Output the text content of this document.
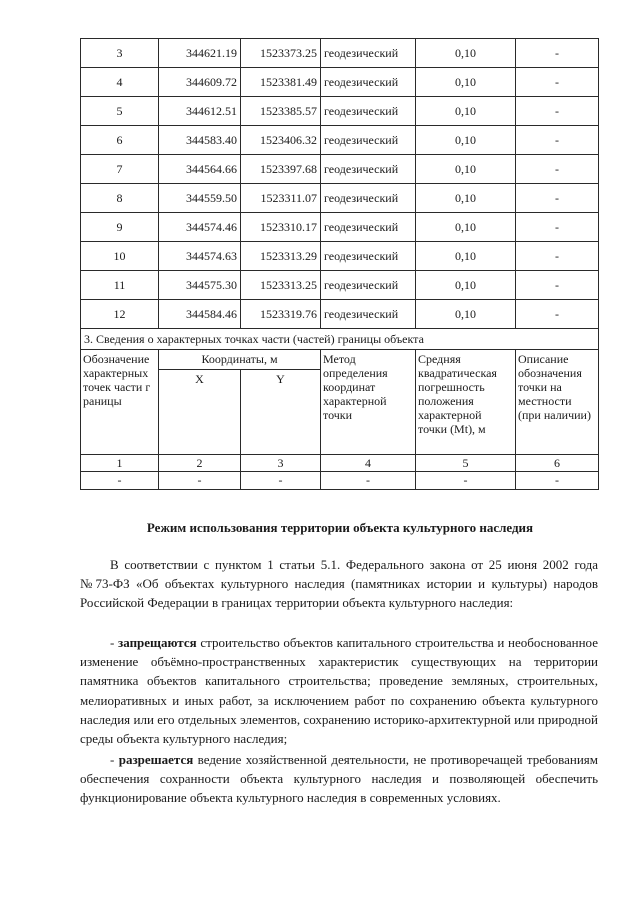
3	344621.19	1523373.25	геодезический	0,10	-
4	344609.72	1523381.49	геодезический	0,10	-
5	344612.51	1523385.57	геодезический	0,10	-
6	344583.40	1523406.32	геодезический	0,10	-
7	344564.66	1523397.68	геодезический	0,10	-
8	344559.50	1523311.07	геодезический	0,10	-
9	344574.46	1523310.17	геодезический	0,10	-
10	344574.63	1523313.29	геодезический	0,10	-
11	344575.30	1523313.25	геодезический	0,10	-
12	344584.46	1523319.76	геодезический	0,10	-
3. Сведения о характерных точках части (частей) границы объекта					
Обозначение характерных точек части границы	Координаты, м		Метод определения координат характерной точки	Средняя квадратическая погрешность положения характерной точки (Mt), м	Описание обозначения точки на местности (при наличии)
	X	Y			
1	2	3	4	5	6
-	-	-	-	-	-
Режим использования территории объекта культурного наследия
В соответствии с пунктом 1 статьи 5.1. Федерального закона от 25 июня 2002 года №73-ФЗ «Об объектах культурного наследия (памятниках истории и культуры) народов Российской Федерации в границах территории объекта культурного наследия:
- запрещаются строительство объектов капитального строительства и необоснованное изменение объёмно-пространственных характеристик существующих на территории памятника объектов капитального строительства; проведение земляных, строительных, мелиоративных и иных работ, за исключением работ по сохранению объекта культурного наследия или его отдельных элементов, сохранению историко-архитектурной или природной среды объекта культурного наследия;
- разрешается ведение хозяйственной деятельности, не противоречащей требованиям обеспечения сохранности объекта культурного наследия и позволяющей обеспечить функционирование объекта культурного наследия в современных условиях.
